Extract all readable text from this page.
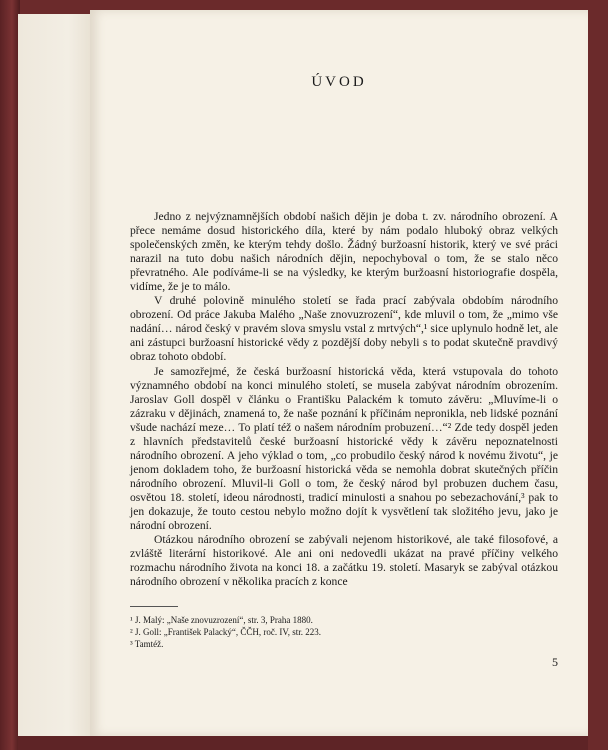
ÚVOD

Jedno z nejvýznamnějších období našich dějin je doba t. zv. národního obrození. A přece nemáme dosud historického díla, které by nám podalo hluboký obraz velkých společenských změn, ke kterým tehdy došlo. Žádný buržoasní historik, který ve své práci narazil na tuto dobu našich národních dějin, nepochyboval o tom, že se stalo něco převratného. Ale podíváme-li se na výsledky, ke kterým buržoasní historiografie dospěla, vidíme, že je to málo.

V druhé polovině minulého století se řada prací zabývala obdobím národního obrození. Od práce Jakuba Malého „Naše znovuzrození“, kde mluvil o tom, že „mimo vše nadání… národ český v pravém slova smyslu vstal z mrtvých“,¹ sice uplynulo hodně let, ale ani zástupci buržoasní historické vědy z pozdější doby nebyli s to podat skutečně pravdivý obraz tohoto období.

Je samozřejmé, že česká buržoasní historická věda, která vstupovala do tohoto významného období na konci minulého století, se musela zabývat národním obrozením. Jaroslav Goll dospěl v článku o Františku Palackém k tomuto závěru: „Mluvíme-li o zázraku v dějinách, znamená to, že naše poznání k příčinám nepronikla, neb lidské poznání všude nachází meze… To platí též o našem národním probuzení…“² Zde tedy dospěl jeden z hlavních představitelů české buržoasní historické vědy k závěru nepoznatelnosti národního obrození. A jeho výklad o tom, „co probudilo český národ k novému životu“, je jenom dokladem toho, že buržoasní historická věda se nemohla dobrat skutečných příčin národního obrození. Mluvil-li Goll o tom, že český národ byl probuzen duchem času, osvětou 18. století, ideou národnosti, tradicí minulosti a snahou po sebezachování,³ pak to jen dokazuje, že touto cestou nebylo možno dojít k vysvětlení tak složitého jevu, jako je národní obrození.

Otázkou národního obrození se zabývali nejenom historikové, ale také filosofové, a zvláště literární historikové. Ale ani oni nedovedli ukázat na pravé příčiny velkého rozmachu národního života na konci 18. a začátku 19. století. Masaryk se zabýval otázkou národního obrození v několika pracích z konce

¹ J. Malý: „Naše znovuzrození“, str. 3, Praha 1880.
² J. Goll: „František Palacký“, ČČH, roč. IV, str. 223.
³ Tamtéž.
5
